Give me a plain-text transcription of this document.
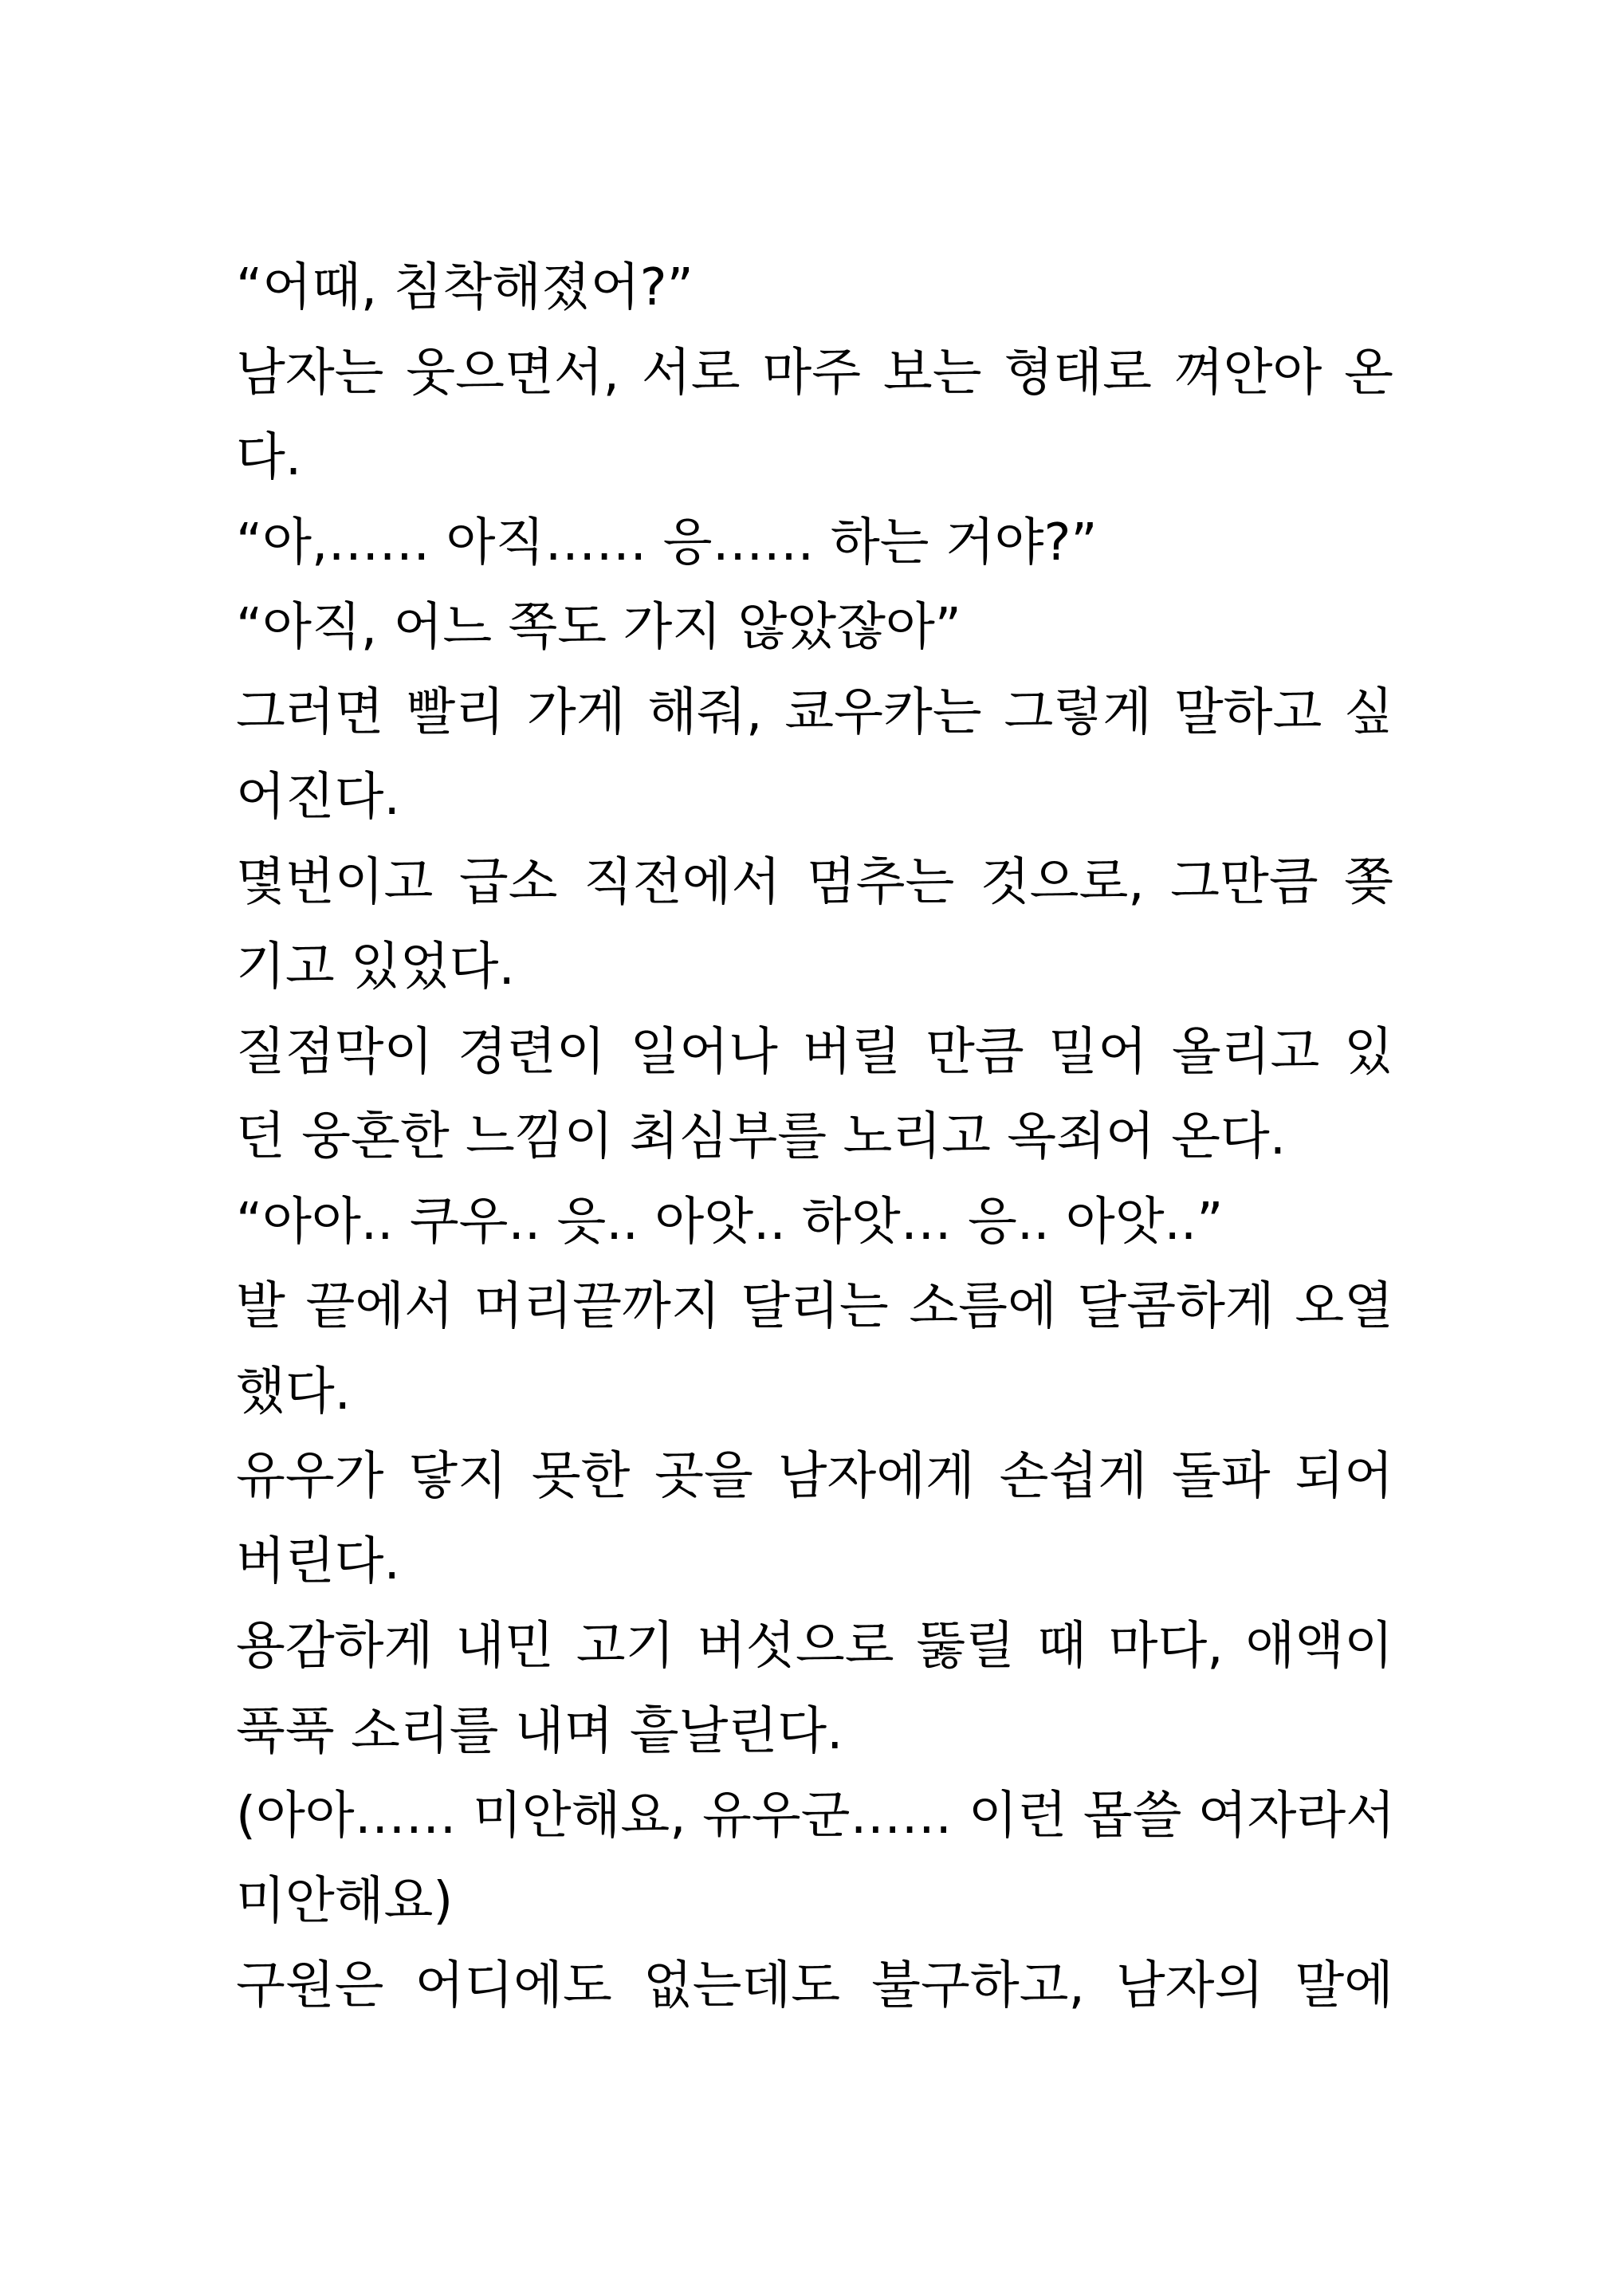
“어때, 침착해졌어?”
남자는 웃으면서, 서로 마주 보는 형태로 껴안아 온
다.
“아,…… 아직…… 응…… 하는 거야?”
“아직, 어느 쪽도 가지 않았잖아”
그러면 빨리 가게 해줘, 쿄우카는 그렇게 말하고 싶
어진다.
몇번이고 급소 직전에서 멈추는 것으로, 그만큼 쫒
기고 있었다.
질점막이 경련이 일어나 버릴 만큼 밀어 올리고 있
던 웅혼한 느낌이 최심부를 노리고 옥죄어 온다.
“아아.. 쿠우.. 읏.. 아앗.. 하앗… 응.. 아앗..”
발 끝에서 머리끝까지 달리는 소름에 달콤하게 오열
했다.
유우가 닿지 못한 곳을 남자에게 손쉽게 돌파 되어
버린다.
용감하게 내민 고기 버섯으로 뚫릴 때 마다, 애액이
푹푹 소리를 내며 흩날린다.
(아아…… 미안해요, 유우군…… 이런 몹쓸 여자라서
미안해요)
구원은 어디에도 없는데도 불구하고, 남자의 말에
